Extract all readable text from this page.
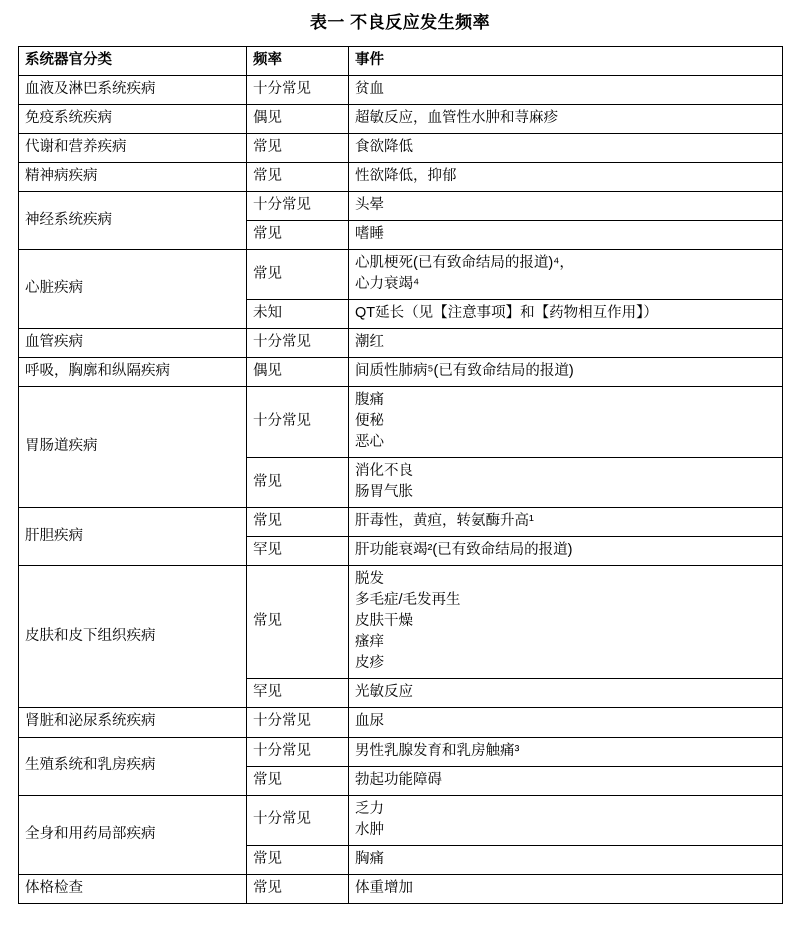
表一 不良反应发生频率
系统器官分类	频率	事件
血液及淋巴系统疾病	十分常见	贫血

免疫系统疾病	偶见	超敏反应，血管性水肿和荨麻疹

代谢和营养疾病	常见	食欲降低

精神病疾病	常见	性欲降低，抑郁

神经系统疾病	十分常见	头晕

	常见	嗜睡

心脏疾病	常见	心肌梗死(已有致命结局的报道)⁴，
心力衰竭⁴

	未知	QT延长（见【注意事项】和【药物相互作用】）

血管疾病	十分常见	潮红

呼吸，胸廓和纵隔疾病	偶见	间质性肺病⁵(已有致命结局的报道)

胃肠道疾病	十分常见	腹痛
便秘
恶心

	常见	消化不良
肠胃气胀

肝胆疾病	常见	肝毒性，黄疸，转氨酶升高¹

	罕见	肝功能衰竭²(已有致命结局的报道)

皮肤和皮下组织疾病	常见	脱发
多毛症/毛发再生
皮肤干燥
瘙痒
皮疹

	罕见	光敏反应

肾脏和泌尿系统疾病	十分常见	血尿

生殖系统和乳房疾病	十分常见	男性乳腺发育和乳房触痛³

	常见	勃起功能障碍

全身和用药局部疾病	十分常见	乏力
水肿

	常见	胸痛

体格检查	常见	体重增加
